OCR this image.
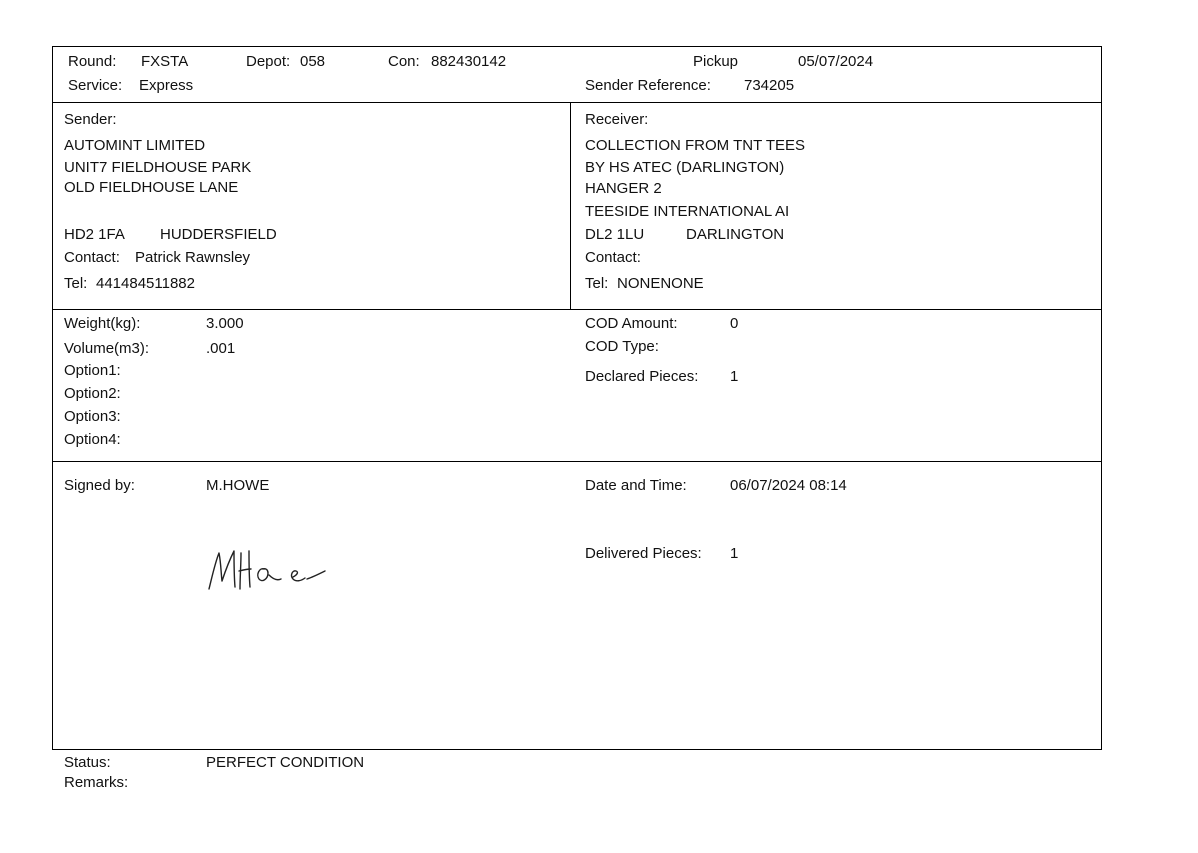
Round: FXSTA	Depot: 058	Con: 882430142	Pickup	05/07/2024
Service: Express	Sender Reference: 734205
Sender:
AUTOMINT LIMITED
UNIT7 FIELDHOUSE PARK
OLD FIELDHOUSE LANE
HD2 1FA HUDDERSFIELD
Contact: Patrick Rawnsley
Tel: 441484511882
Receiver:
COLLECTION FROM TNT TEES
BY HS ATEC (DARLINGTON)
HANGER 2
TEESIDE INTERNATIONAL AI
DL2 1LU	DARLINGTON
Contact:
Tel: NONENONE
Weight(kg):	3.000
Volume(m3):	.001
Option1:
Option2:
Option3:
Option4:
COD Amount:	0
COD Type:
Declared Pieces: 1
Signed by:	M.HOWE	Date and Time:	06/07/2024 08:14
Delivered Pieces: 1
Status:	PERFECT CONDITION
Remarks:
